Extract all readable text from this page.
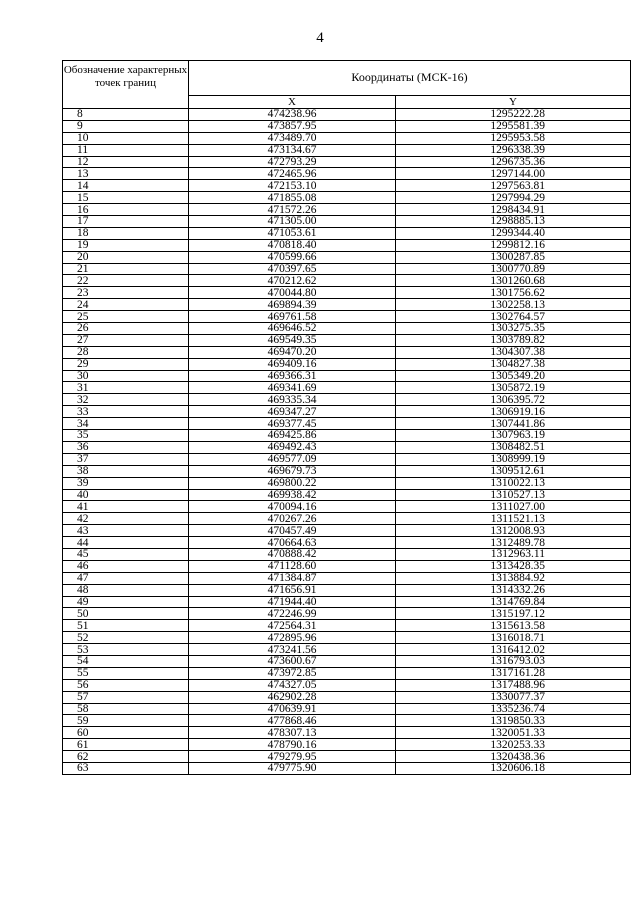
4
Обозначение характерных точек границ	Координаты (МСК-16)	
	X	Y
8	474238.96	1295222.28
9	473857.95	1295581.39
10	473489.70	1295953.58
11	473134.67	1296338.39
12	472793.29	1296735.36
13	472465.96	1297144.00
14	472153.10	1297563.81
15	471855.08	1297994.29
16	471572.26	1298434.91
17	471305.00	1298885.13
18	471053.61	1299344.40
19	470818.40	1299812.16
20	470599.66	1300287.85
21	470397.65	1300770.89
22	470212.62	1301260.68
23	470044.80	1301756.62
24	469894.39	1302258.13
25	469761.58	1302764.57
26	469646.52	1303275.35
27	469549.35	1303789.82
28	469470.20	1304307.38
29	469409.16	1304827.38
30	469366.31	1305349.20
31	469341.69	1305872.19
32	469335.34	1306395.72
33	469347.27	1306919.16
34	469377.45	1307441.86
35	469425.86	1307963.19
36	469492.43	1308482.51
37	469577.09	1308999.19
38	469679.73	1309512.61
39	469800.22	1310022.13
40	469938.42	1310527.13
41	470094.16	1311027.00
42	470267.26	1311521.13
43	470457.49	1312008.93
44	470664.63	1312489.78
45	470888.42	1312963.11
46	471128.60	1313428.35
47	471384.87	1313884.92
48	471656.91	1314332.26
49	471944.40	1314769.84
50	472246.99	1315197.12
51	472564.31	1315613.58
52	472895.96	1316018.71
53	473241.56	1316412.02
54	473600.67	1316793.03
55	473972.85	1317161.28
56	474327.05	1317488.96
57	462902.28	1330077.37
58	470639.91	1335236.74
59	477868.46	1319850.33
60	478307.13	1320051.33
61	478790.16	1320253.33
62	479279.95	1320438.36
63	479775.90	1320606.18
